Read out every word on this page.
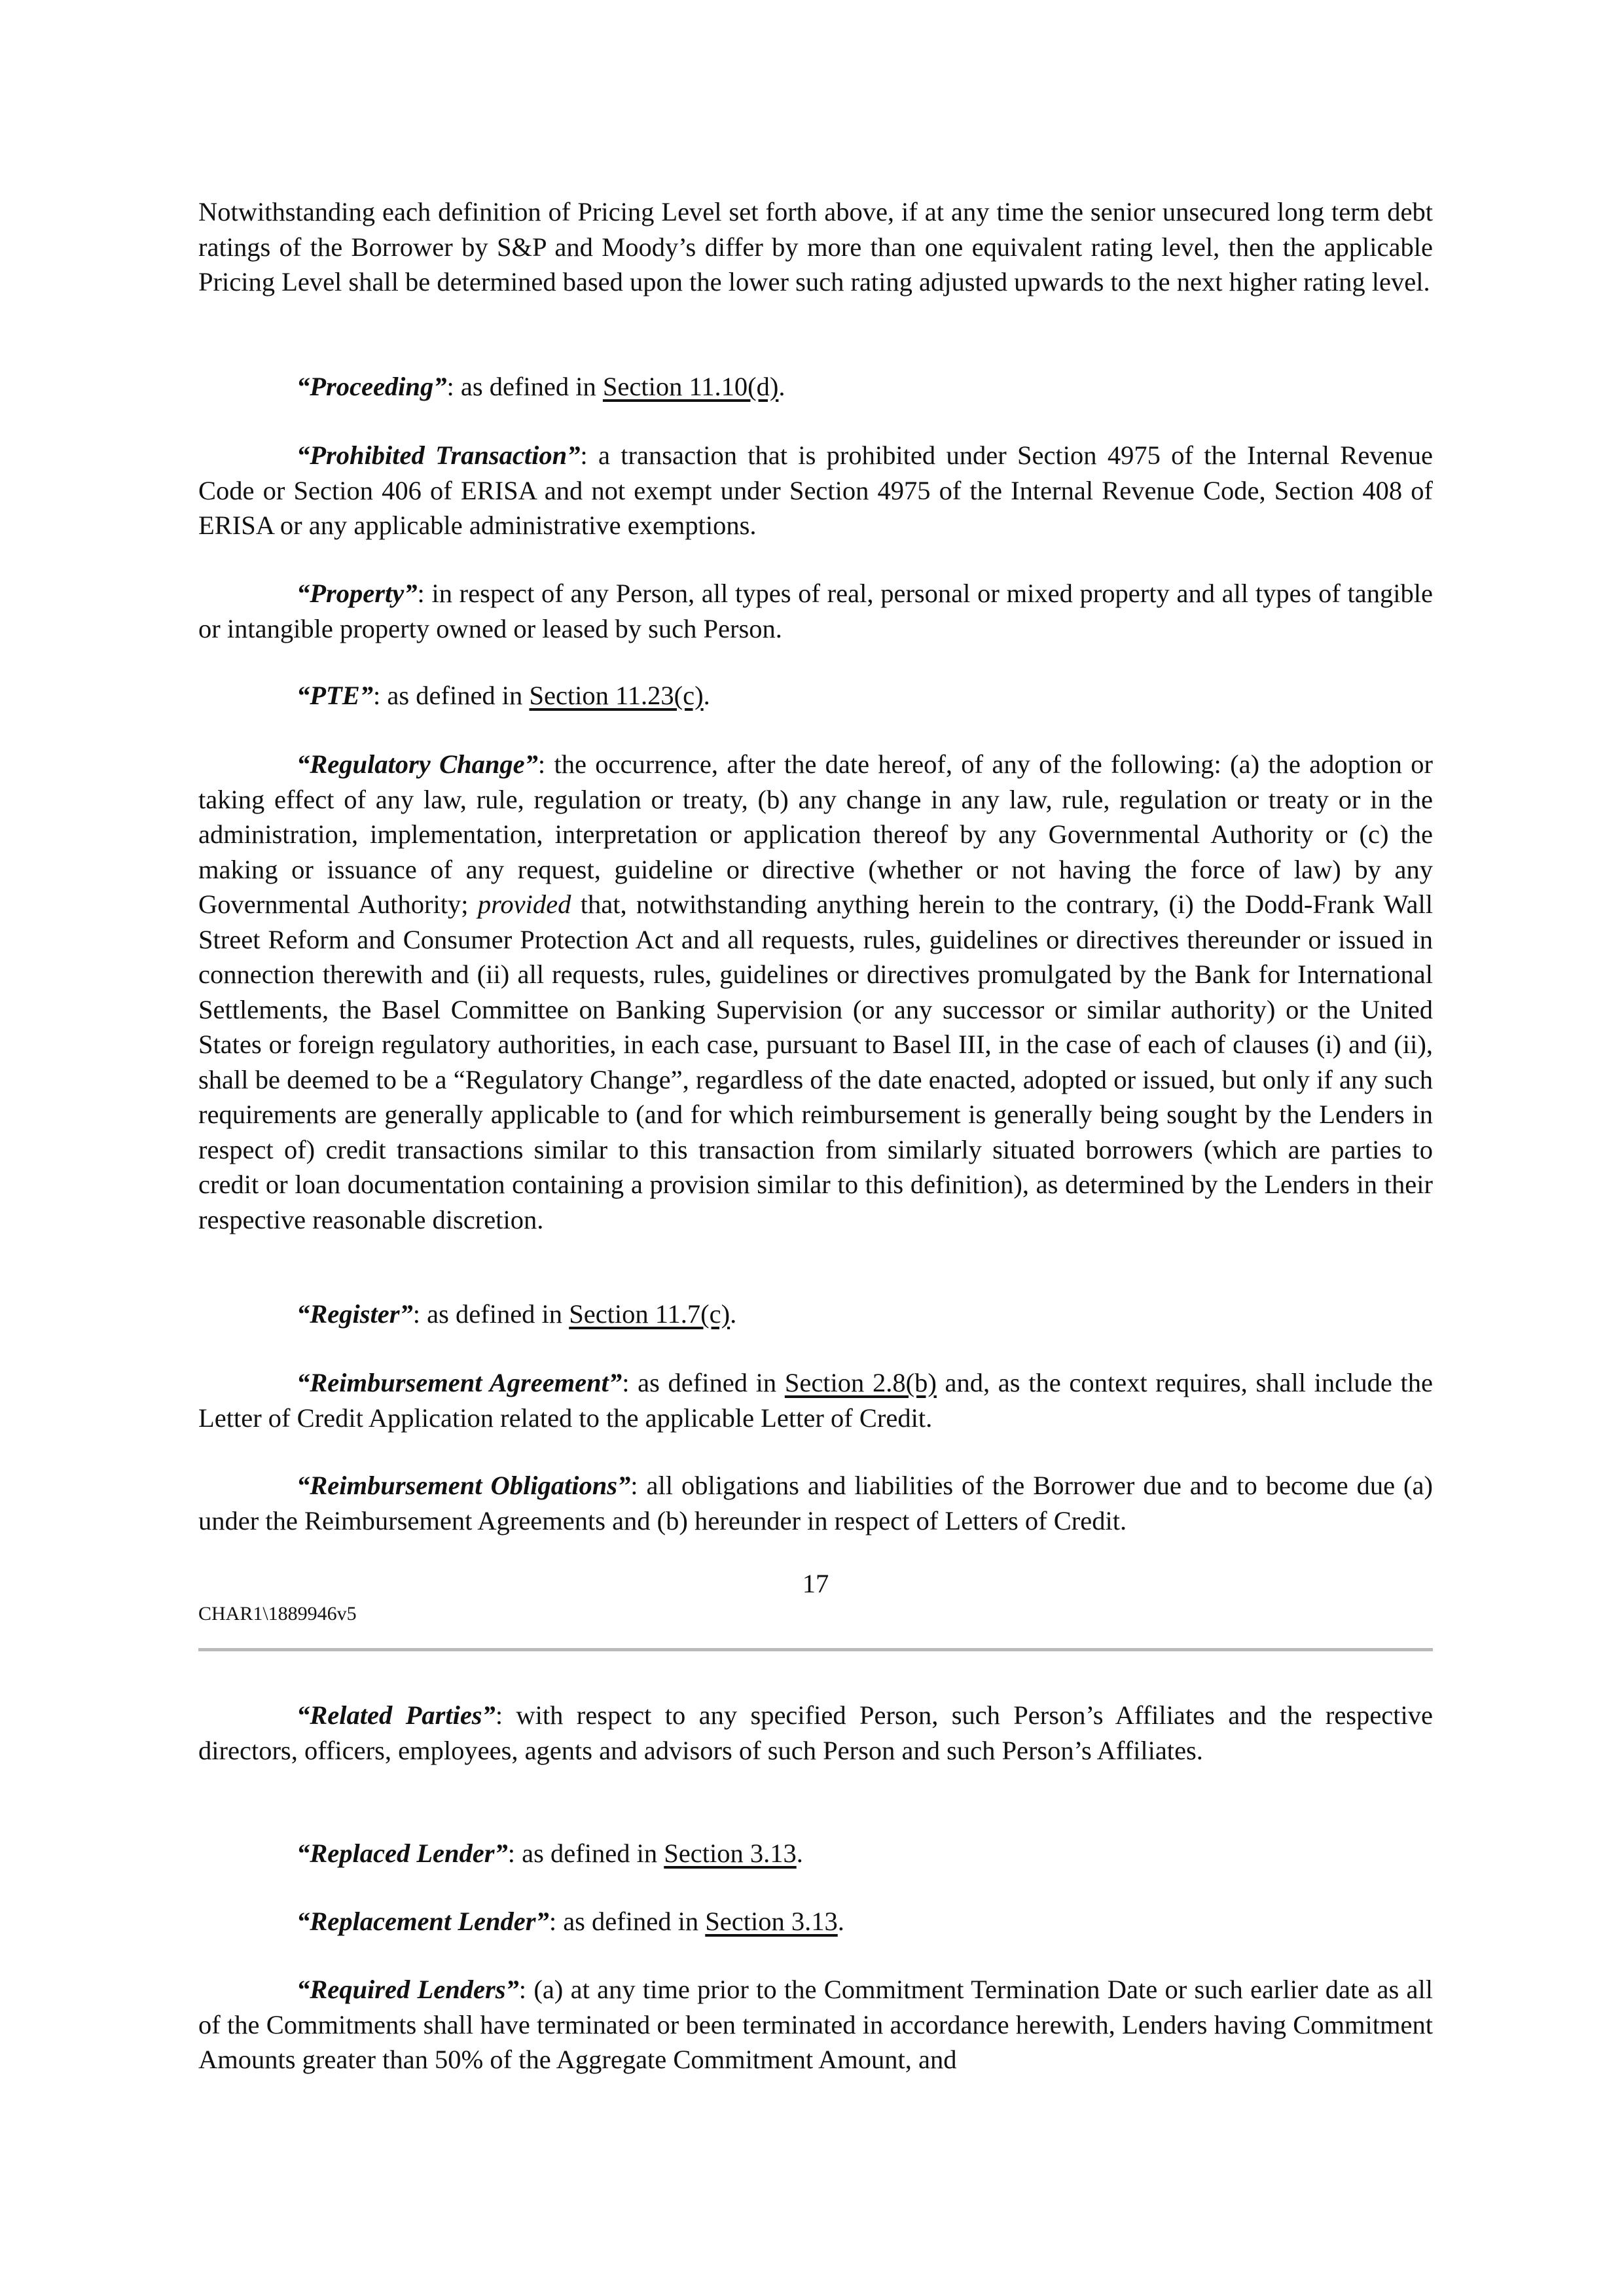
Notwithstanding each definition of Pricing Level set forth above, if at any time the senior unsecured long term debt ratings of the Borrower by S&P and Moody’s differ by more than one equivalent rating level, then the applicable Pricing Level shall be determined based upon the lower such rating adjusted upwards to the next higher rating level.

“Proceeding”: as defined in Section 11.10(d).

“Prohibited Transaction”: a transaction that is prohibited under Section 4975 of the Internal Revenue Code or Section 406 of ERISA and not exempt under Section 4975 of the Internal Revenue Code, Section 408 of ERISA or any applicable administrative exemptions.

“Property”: in respect of any Person, all types of real, personal or mixed property and all types of tangible or intangible property owned or leased by such Person.

“PTE”: as defined in Section 11.23(c).

“Regulatory Change”: the occurrence, after the date hereof, of any of the following: (a) the adoption or taking effect of any law, rule, regulation or treaty, (b) any change in any law, rule, regulation or treaty or in the administration, implementation, interpretation or application thereof by any Governmental Authority or (c) the making or issuance of any request, guideline or directive (whether or not having the force of law) by any Governmental Authority; provided that, notwithstanding anything herein to the contrary, (i) the Dodd-Frank Wall Street Reform and Consumer Protection Act and all requests, rules, guidelines or directives thereunder or issued in connection therewith and (ii) all requests, rules, guidelines or directives promulgated by the Bank for International Settlements, the Basel Committee on Banking Supervision (or any successor or similar authority) or the United States or foreign regulatory authorities, in each case, pursuant to Basel III, in the case of each of clauses (i) and (ii), shall be deemed to be a “Regulatory Change”, regardless of the date enacted, adopted or issued, but only if any such requirements are generally applicable to (and for which reimbursement is generally being sought by the Lenders in respect of) credit transactions similar to this transaction from similarly situated borrowers (which are parties to credit or loan documentation containing a provision similar to this definition), as determined by the Lenders in their respective reasonable discretion.

“Register”: as defined in Section 11.7(c).

“Reimbursement Agreement”: as defined in Section 2.8(b) and, as the context requires, shall include the Letter of Credit Application related to the applicable Letter of Credit.

“Reimbursement Obligations”: all obligations and liabilities of the Borrower due and to become due (a) under the Reimbursement Agreements and (b) hereunder in respect of Letters of Credit.

17
CHAR1\1889946v5

“Related Parties”: with respect to any specified Person, such Person’s Affiliates and the respective directors, officers, employees, agents and advisors of such Person and such Person’s Affiliates.

“Replaced Lender”: as defined in Section 3.13.

“Replacement Lender”: as defined in Section 3.13.

“Required Lenders”: (a) at any time prior to the Commitment Termination Date or such earlier date as all of the Commitments shall have terminated or been terminated in accordance herewith, Lenders having Commitment Amounts greater than 50% of the Aggregate Commitment Amount, and
